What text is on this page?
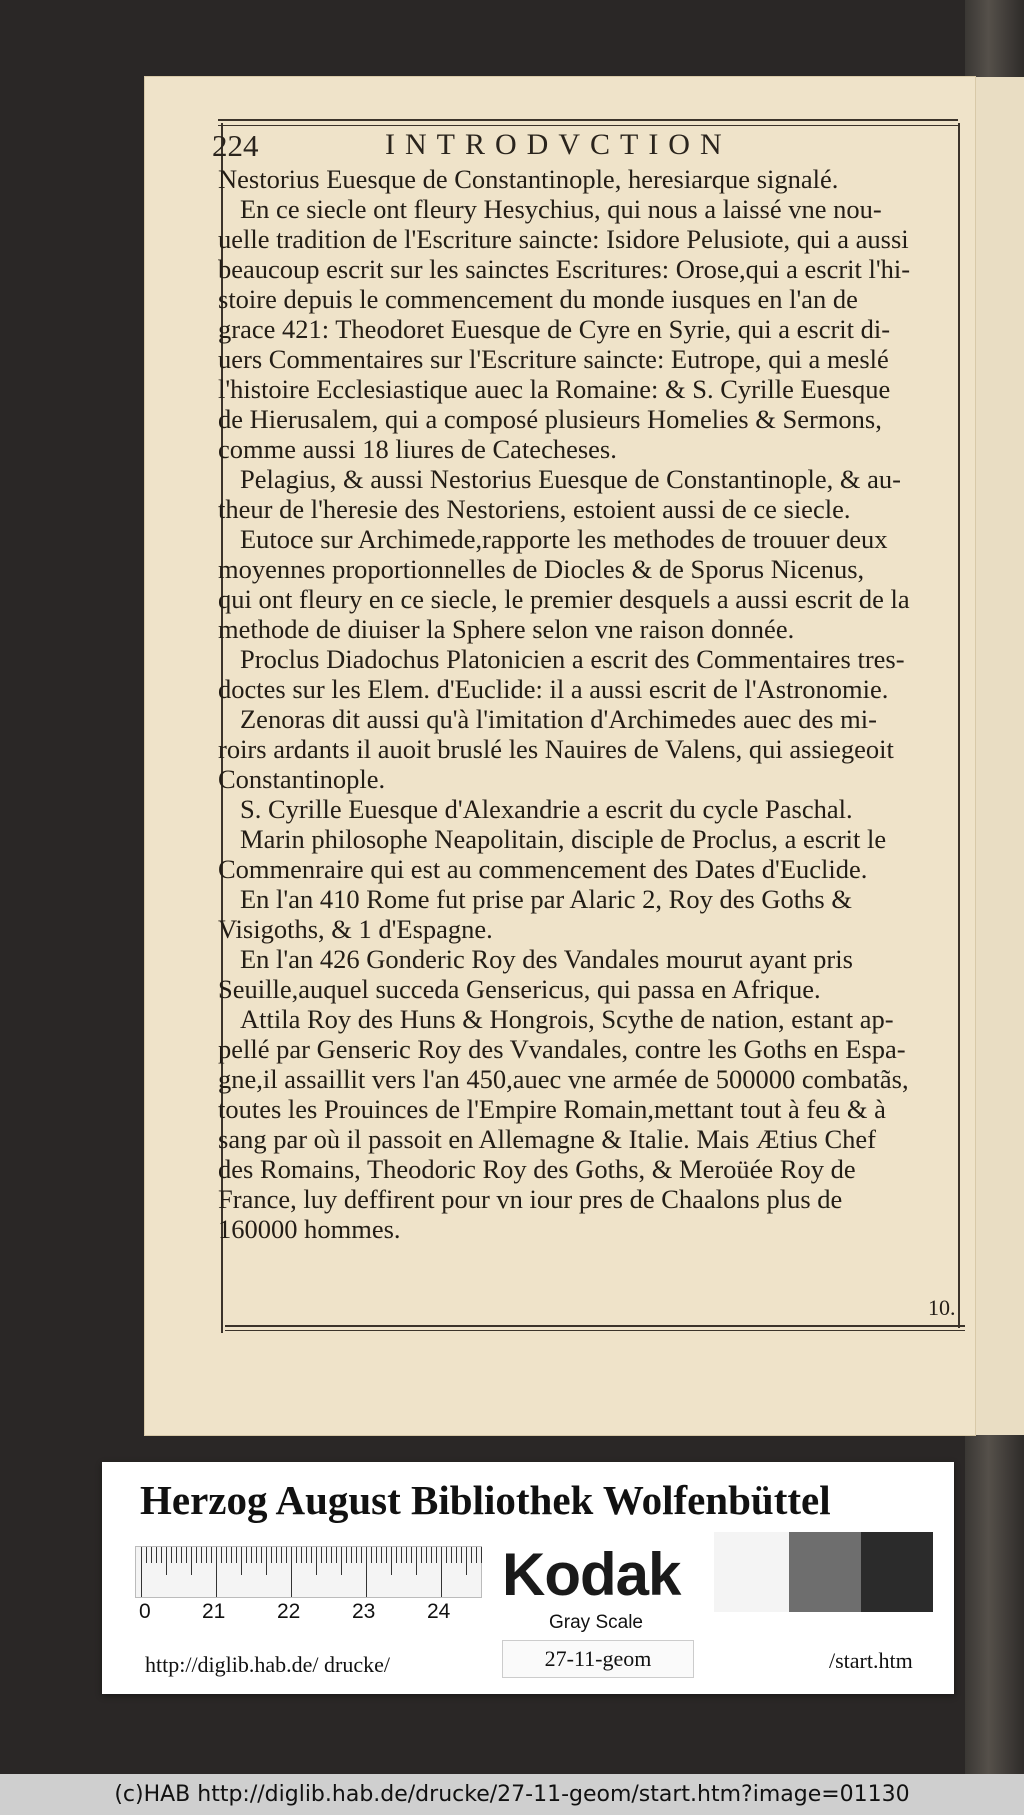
224	INTRODVCTION
Nestorius Euesque de Constantinople, heresiarque signalé.
En ce siecle ont fleury Hesychius, qui nous a laissé vne nou-
uelle tradition de l'Escriture saincte: Isidore Pelusiote, qui a aussi
beaucoup escrit sur les sainctes Escritures: Orose,qui a escrit l'hi-
stoire depuis le commencement du monde iusques en l'an de
grace 421: Theodoret Euesque de Cyre en Syrie, qui a escrit di-
uers Commentaires sur l'Escriture saincte: Eutrope, qui a meslé
l'histoire Ecclesiastique auec la Romaine: & S. Cyrille Euesque
de Hierusalem, qui a composé plusieurs Homelies & Sermons,
comme aussi 18 liures de Catecheses.
Pelagius, & aussi Nestorius Euesque de Constantinople, & au-
theur de l'heresie des Nestoriens, estoient aussi de ce siecle.
Eutoce sur Archimede,rapporte les methodes de trouuer deux
moyennes proportionnelles de Diocles & de Sporus Nicenus,
qui ont fleury en ce siecle, le premier desquels a aussi escrit de la
methode de diuiser la Sphere selon vne raison donnée.
Proclus Diadochus Platonicien a escrit des Commentaires tres-
doctes sur les Elem. d'Euclide: il a aussi escrit de l'Astronomie.
Zenoras dit aussi qu'à l'imitation d'Archimedes auec des mi-
roirs ardants il auoit bruslé les Nauires de Valens, qui assiegeoit
Constantinople.
S. Cyrille Euesque d'Alexandrie a escrit du cycle Paschal.
Marin philosophe Neapolitain, disciple de Proclus, a escrit le
Commenraire qui est au commencement des Dates d'Euclide.
En l'an 410 Rome fut prise par Alaric 2, Roy des Goths &
Visigoths, & 1 d'Espagne.
En l'an 426 Gonderic Roy des Vandales mourut ayant pris
Seuille,auquel succeda Gensericus, qui passa en Afrique.
Attila Roy des Huns & Hongrois, Scythe de nation, estant ap-
pellé par Genseric Roy des Vvandales, contre les Goths en Espa-
gne,il assaillit vers l'an 450,auec vne armée de 500000 combatãs,
toutes les Prouinces de l'Empire Romain,mettant tout à feu & à
sang par où il passoit en Allemagne & Italie. Mais Ætius Chef
des Romains, Theodoric Roy des Goths, & Meroüée Roy de
France, luy deffirent pour vn iour pres de Chaalons plus de
160000 hommes.
10.
Herzog August Bibliothek Wolfenbüttel
0 21 22 23 24
Kodak
Gray Scale
http://diglib.hab.de/ drucke/	27-11-geom	/start.htm
(c)HAB http://diglib.hab.de/drucke/27-11-geom/start.htm?image=01130
